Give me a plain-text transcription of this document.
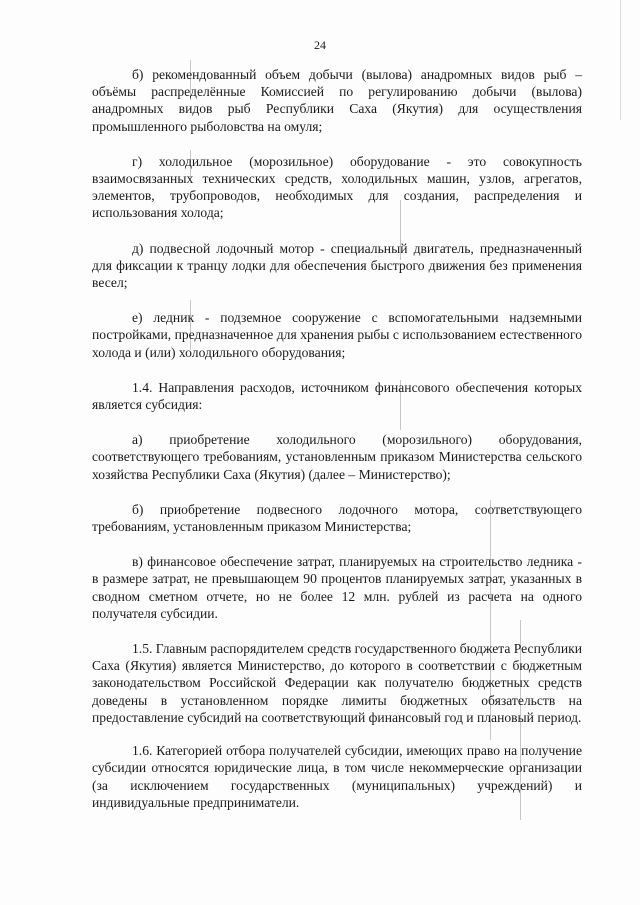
24

б) рекомендованный объем добычи (вылова) анадромных видов рыб – объёмы распределённые Комиссией по регулированию добычи (вылова) анадромных видов рыб Республики Саха (Якутия) для осуществления промышленного рыболовства на омуля;

г) холодильное (морозильное) оборудование - это совокупность взаимосвязанных технических средств, холодильных машин, узлов, агрегатов, элементов, трубопроводов, необходимых для создания, распределения и использования холода;

д) подвесной лодочный мотор - специальный двигатель, предназначенный для фиксации к транцу лодки для обеспечения быстрого движения без применения весел;

е) ледник - подземное сооружение с вспомогательными надземными постройками, предназначенное для хранения рыбы с использованием естественного холода и (или) холодильного оборудования;

1.4. Направления расходов, источником финансового обеспечения которых является субсидия:

а) приобретение холодильного (морозильного) оборудования, соответствующего требованиям, установленным приказом Министерства сельского хозяйства Республики Саха (Якутия) (далее – Министерство);

б) приобретение подвесного лодочного мотора, соответствующего требованиям, установленным приказом Министерства;

в) финансовое обеспечение затрат, планируемых на строительство ледника - в размере затрат, не превышающем 90 процентов планируемых затрат, указанных в сводном сметном отчете, но не более 12 млн. рублей из расчета на одного получателя субсидии.

1.5. Главным распорядителем средств государственного бюджета Республики Саха (Якутия) является Министерство, до которого в соответствии с бюджетным законодательством Российской Федерации как получателю бюджетных средств доведены в установленном порядке лимиты бюджетных обязательств на предоставление субсидий на соответствующий финансовый год и плановый период.

1.6. Категорией отбора получателей субсидии, имеющих право на получение субсидии относятся юридические лица, в том числе некоммерческие организации (за исключением государственных (муниципальных) учреждений) и индивидуальные предприниматели.
